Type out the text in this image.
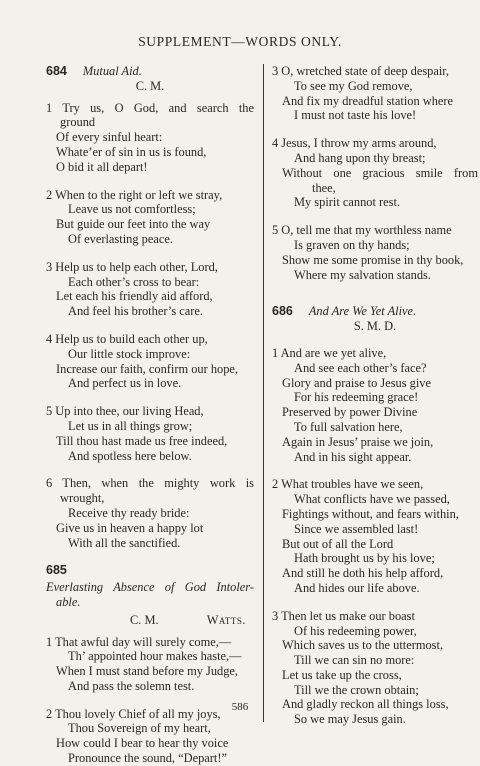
SUPPLEMENT—WORDS ONLY.
684 Mutual Aid.
C. M.
1 Try us, O God, and search the
ground
Of every sinful heart:
Whate’er of sin in us is found,
O bid it all depart!
2 When to the right or left we stray,
Leave us not comfortless;
But guide our feet into the way
Of everlasting peace.
3 Help us to help each other, Lord,
Each other’s cross to bear:
Let each his friendly aid afford,
And feel his brother’s care.
4 Help us to build each other up,
Our little stock improve:
Increase our faith, confirm our hope,
And perfect us in love.
5 Up into thee, our living Head,
Let us in all things grow;
Till thou hast made us free indeed,
And spotless here below.
6 Then, when the mighty work is
wrought,
Receive thy ready bride:
Give us in heaven a happy lot
With all the sanctified.
685
Everlasting Absence of God Intoler-
able.
C. M.	Watts.
1 That awful day will surely come,—
Th’ appointed hour makes haste,—
When I must stand before my Judge,
And pass the solemn test.
2 Thou lovely Chief of all my joys,
Thou Sovereign of my heart,
How could I bear to hear thy voice
Pronounce the sound, “Depart!”
3 O, wretched state of deep despair,
To see my God remove,
And fix my dreadful station where
I must not taste his love!
4 Jesus, I throw my arms around,
And hang upon thy breast;
Without one gracious smile from
thee,
My spirit cannot rest.
5 O, tell me that my worthless name
Is graven on thy hands;
Show me some promise in thy book,
Where my salvation stands.
686 And Are We Yet Alive.
S. M. D.
1 And are we yet alive,
And see each other’s face?
Glory and praise to Jesus give
For his redeeming grace!
Preserved by power Divine
To full salvation here,
Again in Jesus’ praise we join,
And in his sight appear.
2 What troubles have we seen,
What conflicts have we passed,
Fightings without, and fears within,
Since we assembled last!
But out of all the Lord
Hath brought us by his love;
And still he doth his help afford,
And hides our life above.
3 Then let us make our boast
Of his redeeming power,
Which saves us to the uttermost,
Till we can sin no more:
Let us take up the cross,
Till we the crown obtain;
And gladly reckon all things loss,
So we may Jesus gain.
586
